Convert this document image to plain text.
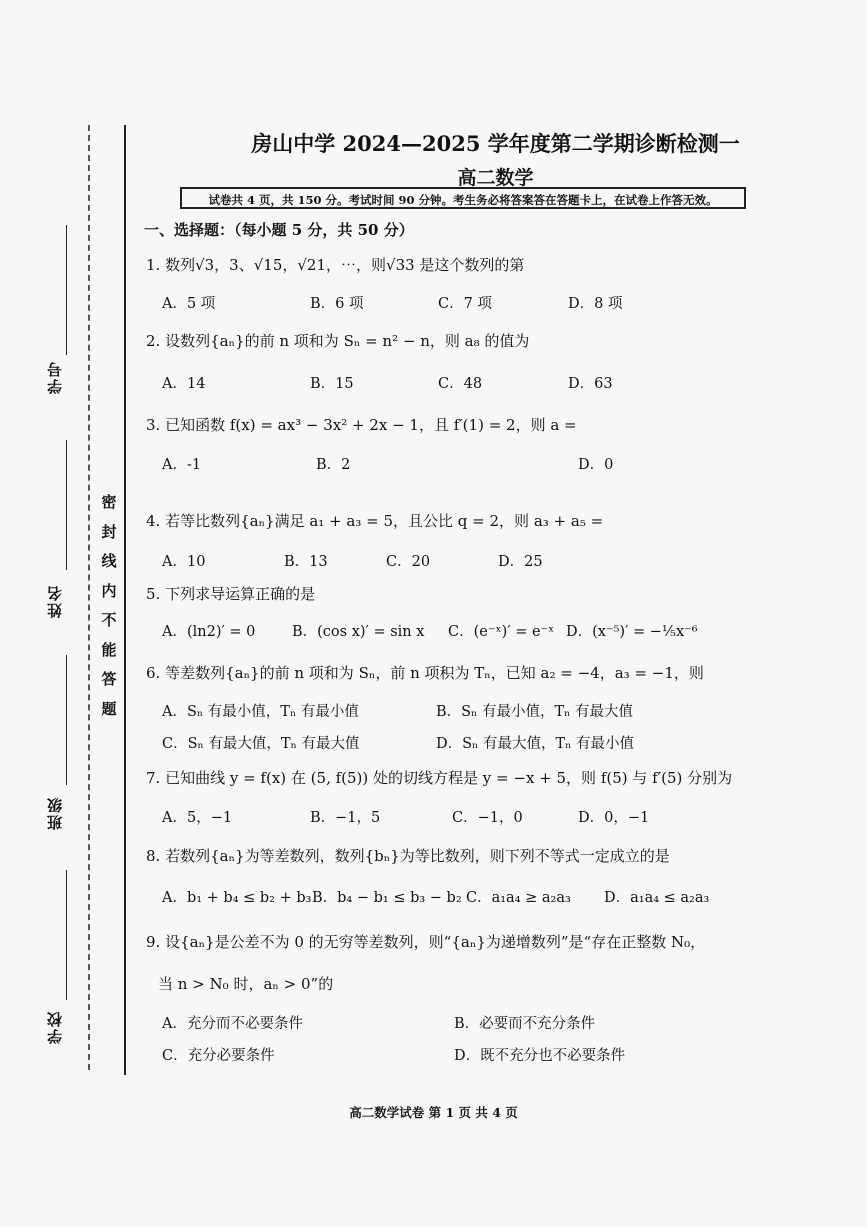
学号
姓名
班级
学校
密
封
线
内
不
能
答
题
房山中学 2024—2025 学年度第二学期诊断检测一
高二数学
试卷共 4 页，共 150 分。考试时间 90 分钟。考生务必将答案答在答题卡上，在试卷上作答无效。
一、选择题：（每小题 5 分，共 50 分）
1. 数列√3，3、√15，√21，⋯，则√33 是这个数列的第
A．5 项	B．6 项	C．7 项	D．8 项
2. 设数列{aₙ}的前 n 项和为 Sₙ = n² − n，则 a₈ 的值为
A．14	B．15	C．48	D．63
3. 已知函数 f(x) = ax³ − 3x² + 2x − 1，且 f′(1) = 2，则 a =
A．-1	B．2	D．0
4. 若等比数列{aₙ}满足 a₁ + a₃ = 5，且公比 q = 2，则 a₃ + a₅ =
A．10	B．13	C．20	D．25
5. 下列求导运算正确的是
A．(ln2)′ = 0	B．(cos x)′ = sin x C．(e⁻ˣ)′ = e⁻ˣ D．(x⁻⁵)′ = −⅕x⁻⁶
6. 等差数列{aₙ}的前 n 项和为 Sₙ，前 n 项积为 Tₙ，已知 a₂ = −4，a₃ = −1，则
A．Sₙ 有最小值，Tₙ 有最小值	B．Sₙ 有最小值，Tₙ 有最大值
C．Sₙ 有最大值，Tₙ 有最大值	D．Sₙ 有最大值，Tₙ 有最小值
7. 已知曲线 y = f(x) 在 (5, f(5)) 处的切线方程是 y = −x + 5，则 f(5) 与 f′(5) 分别为
A．5，−1	B．−1，5	C．−1，0	D．0，−1
8. 若数列{aₙ}为等差数列，数列{bₙ}为等比数列，则下列不等式一定成立的是
A．b₁ + b₄ ≤ b₂ + b₃ B．b₄ − b₁ ≤ b₃ − b₂ C．a₁a₄ ≥ a₂a₃ D．a₁a₄ ≤ a₂a₃
9. 设{aₙ}是公差不为 0 的无穷等差数列，则“{aₙ}为递增数列”是“存在正整数 N₀，
当 n > N₀ 时，aₙ > 0”的
A．充分而不必要条件	B．必要而不充分条件
C．充分必要条件	D．既不充分也不必要条件
高二数学试卷 第 1 页 共 4 页
